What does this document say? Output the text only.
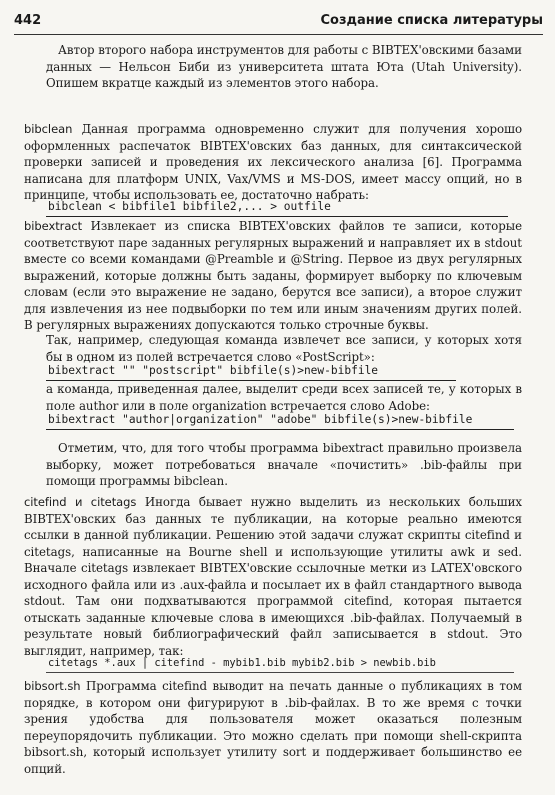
442	Создание списка литературы
Автор второго набора инструментов для работы с BIBTEX'овскими базами данных — Нельсон Биби из университета штата Юта (Utah University). Опишем вкратце каждый из элементов этого набора.
bibclean Данная программа одновременно служит для получения хорошо оформленных распечаток BIBTEX'овских баз данных, для синтаксической проверки записей и проведения их лексического анализа [6]. Программа написана для платформ UNIX, Vax/VMS и MS-DOS, имеет массу опций, но в принципе, чтобы использовать ее, достаточно набрать:
bibclean < bibfile1 bibfile2,... > outfile
bibextract Извлекает из списка BIBTEX'овских файлов те записи, которые соответствуют паре заданных регулярных выражений и направляет их в stdout вместе со всеми командами @Preamble и @String. Первое из двух регулярных выражений, которые должны быть заданы, формирует выборку по ключевым словам (если это выражение не задано, берутся все записи), а второе служит для извлечения из нее подвыборки по тем или иным значениям других полей. В регулярных выражениях допускаются только строчные буквы.
Так, например, следующая команда извлечет все записи, у которых хотя бы в одном из полей встречается слово «PostScript»:
bibextract "" "postscript" bibfile(s)>new-bibfile
а команда, приведенная далее, выделит среди всех записей те, у которых в поле author или в поле organization встречается слово Adobe:
bibextract "author|organization" "adobe" bibfile(s)>new-bibfile
Отметим, что, для того чтобы программа bibextract правильно произвела выборку, может потребоваться вначале «почистить» .bib-файлы при помощи программы bibclean.
citefind и citetags Иногда бывает нужно выделить из нескольких больших BIBTEX'овских баз данных те публикации, на которые реально имеются ссылки в данной публикации. Решению этой задачи служат скрипты citefind и citetags, написанные на Bourne shell и использующие утилиты awk и sed. Вначале citetags извлекает BIBTEX'овские ссылочные метки из LATEX'овского исходного файла или из .aux-файла и посылает их в файл стандартного вывода stdout. Там они подхватываются программой citefind, которая пытается отыскать заданные ключевые слова в имеющихся .bib-файлах. Получаемый в результате новый библиографический файл записывается в stdout. Это выглядит, например, так:
citetags *.aux | citefind - mybib1.bib mybib2.bib > newbib.bib
bibsort.sh Программа citefind выводит на печать данные о публикациях в том порядке, в котором они фигурируют в .bib-файлах. В то же время с точки зрения удобства для пользователя может оказаться полезным переупорядочить публикации. Это можно сделать при помощи shell-скрипта bibsort.sh, который использует утилиту sort и поддерживает большинство ее опций.
